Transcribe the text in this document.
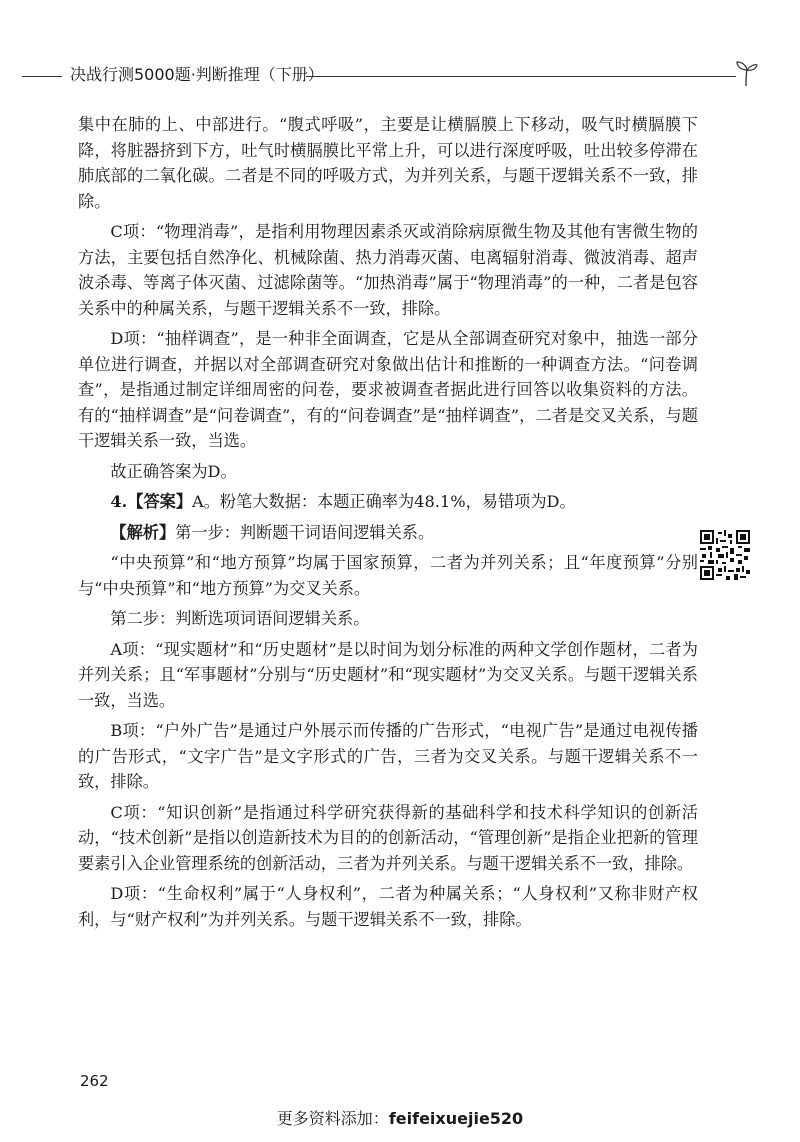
决战行测5000题·判断推理（下册）

集中在肺的上、中部进行。“腹式呼吸”，主要是让横膈膜上下移动，吸气时横膈膜下降，将脏器挤到下方，吐气时横膈膜比平常上升，可以进行深度呼吸，吐出较多停滞在肺底部的二氧化碳。二者是不同的呼吸方式，为并列关系，与题干逻辑关系不一致，排除。

C项：“物理消毒”，是指利用物理因素杀灭或消除病原微生物及其他有害微生物的方法，主要包括自然净化、机械除菌、热力消毒灭菌、电离辐射消毒、微波消毒、超声波杀毒、等离子体灭菌、过滤除菌等。“加热消毒”属于“物理消毒”的一种，二者是包容关系中的种属关系，与题干逻辑关系不一致，排除。

D项：“抽样调查”，是一种非全面调查，它是从全部调查研究对象中，抽选一部分单位进行调查，并据以对全部调查研究对象做出估计和推断的一种调查方法。“问卷调查”，是指通过制定详细周密的问卷，要求被调查者据此进行回答以收集资料的方法。有的“抽样调查”是“问卷调查”，有的“问卷调查”是“抽样调查”，二者是交叉关系，与题干逻辑关系一致，当选。

故正确答案为D。

4.【答案】A。粉笔大数据：本题正确率为48.1%，易错项为D。

【解析】第一步：判断题干词语间逻辑关系。

“中央预算”和“地方预算”均属于国家预算，二者为并列关系；且“年度预算”分别与“中央预算”和“地方预算”为交叉关系。

第二步：判断选项词语间逻辑关系。

A项：“现实题材”和“历史题材”是以时间为划分标准的两种文学创作题材，二者为并列关系；且“军事题材”分别与“历史题材”和“现实题材”为交叉关系。与题干逻辑关系一致，当选。

B项：“户外广告”是通过户外展示而传播的广告形式，“电视广告”是通过电视传播的广告形式，“文字广告”是文字形式的广告，三者为交叉关系。与题干逻辑关系不一致，排除。

C项：“知识创新”是指通过科学研究获得新的基础科学和技术科学知识的创新活动，“技术创新”是指以创造新技术为目的的创新活动，“管理创新”是指企业把新的管理要素引入企业管理系统的创新活动，三者为并列关系。与题干逻辑关系不一致，排除。

D项：“生命权利”属于“人身权利”，二者为种属关系；“人身权利”又称非财产权利，与“财产权利”为并列关系。与题干逻辑关系不一致，排除。

262
更多资料添加：feifeixuejie520
